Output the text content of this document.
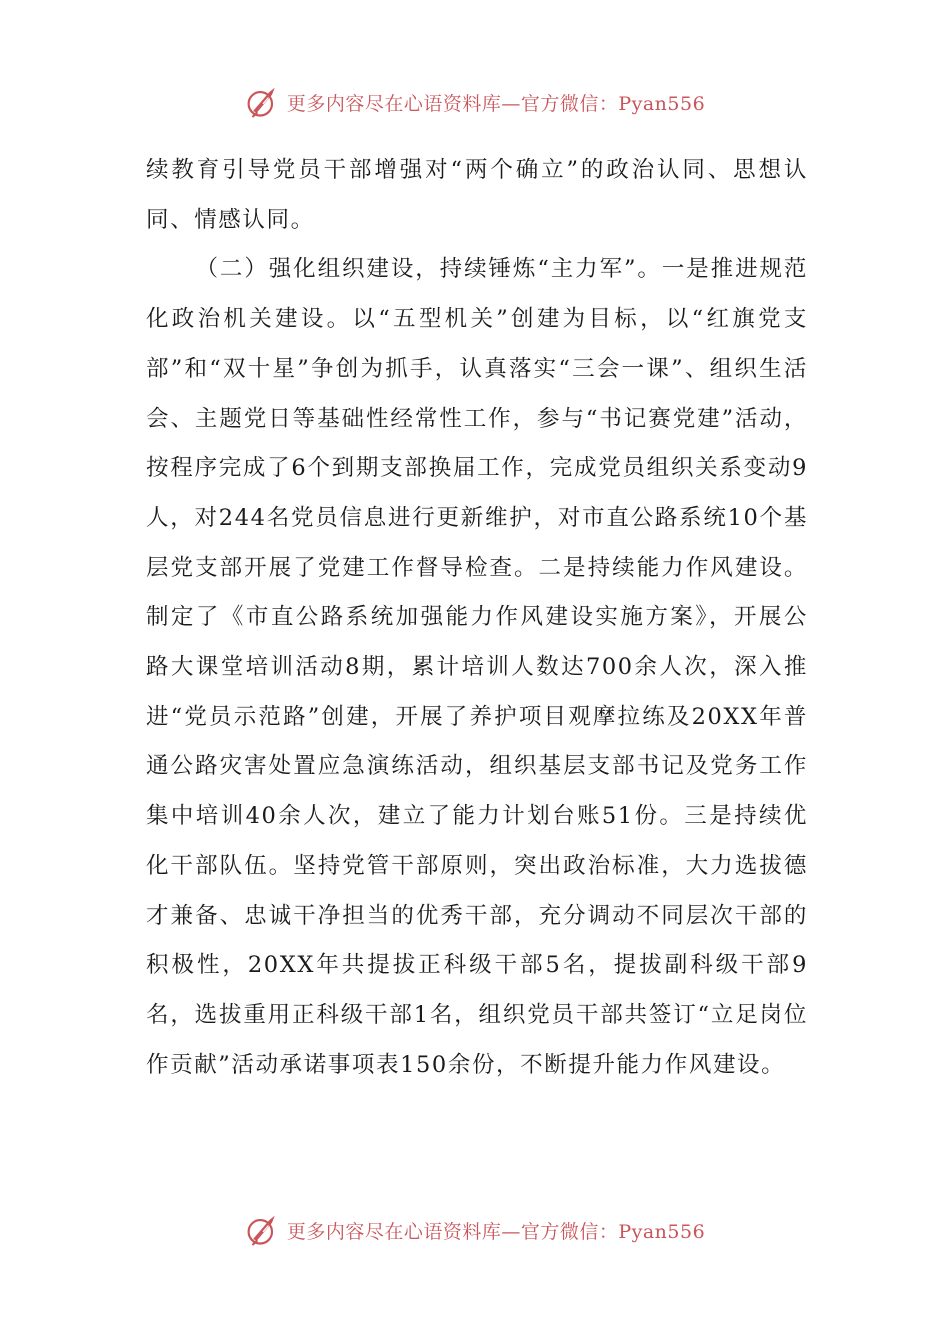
更多内容尽在心语资料库—官方微信：Pyan556

续教育引导党员干部增强对“两个确立”的政治认同、思想认同、情感认同。

（二）强化组织建设，持续锤炼“主力军”。一是推进规范化政治机关建设。以“五型机关”创建为目标，以“红旗党支部”和“双十星”争创为抓手，认真落实“三会一课”、组织生活会、主题党日等基础性经常性工作，参与“书记赛党建”活动，按程序完成了6个到期支部换届工作，完成党员组织关系变动9人，对244名党员信息进行更新维护，对市直公路系统10个基层党支部开展了党建工作督导检查。二是持续能力作风建设。制定了《市直公路系统加强能力作风建设实施方案》，开展公路大课堂培训活动8期，累计培训人数达700余人次，深入推进“党员示范路”创建，开展了养护项目观摩拉练及20XX年普通公路灾害处置应急演练活动，组织基层支部书记及党务工作集中培训40余人次，建立了能力计划台账51份。三是持续优化干部队伍。坚持党管干部原则，突出政治标准，大力选拔德才兼备、忠诚干净担当的优秀干部，充分调动不同层次干部的积极性，20XX年共提拔正科级干部5名，提拔副科级干部9名，选拔重用正科级干部1名，组织党员干部共签订“立足岗位作贡献”活动承诺事项表150余份，不断提升能力作风建设。

更多内容尽在心语资料库—官方微信：Pyan556
